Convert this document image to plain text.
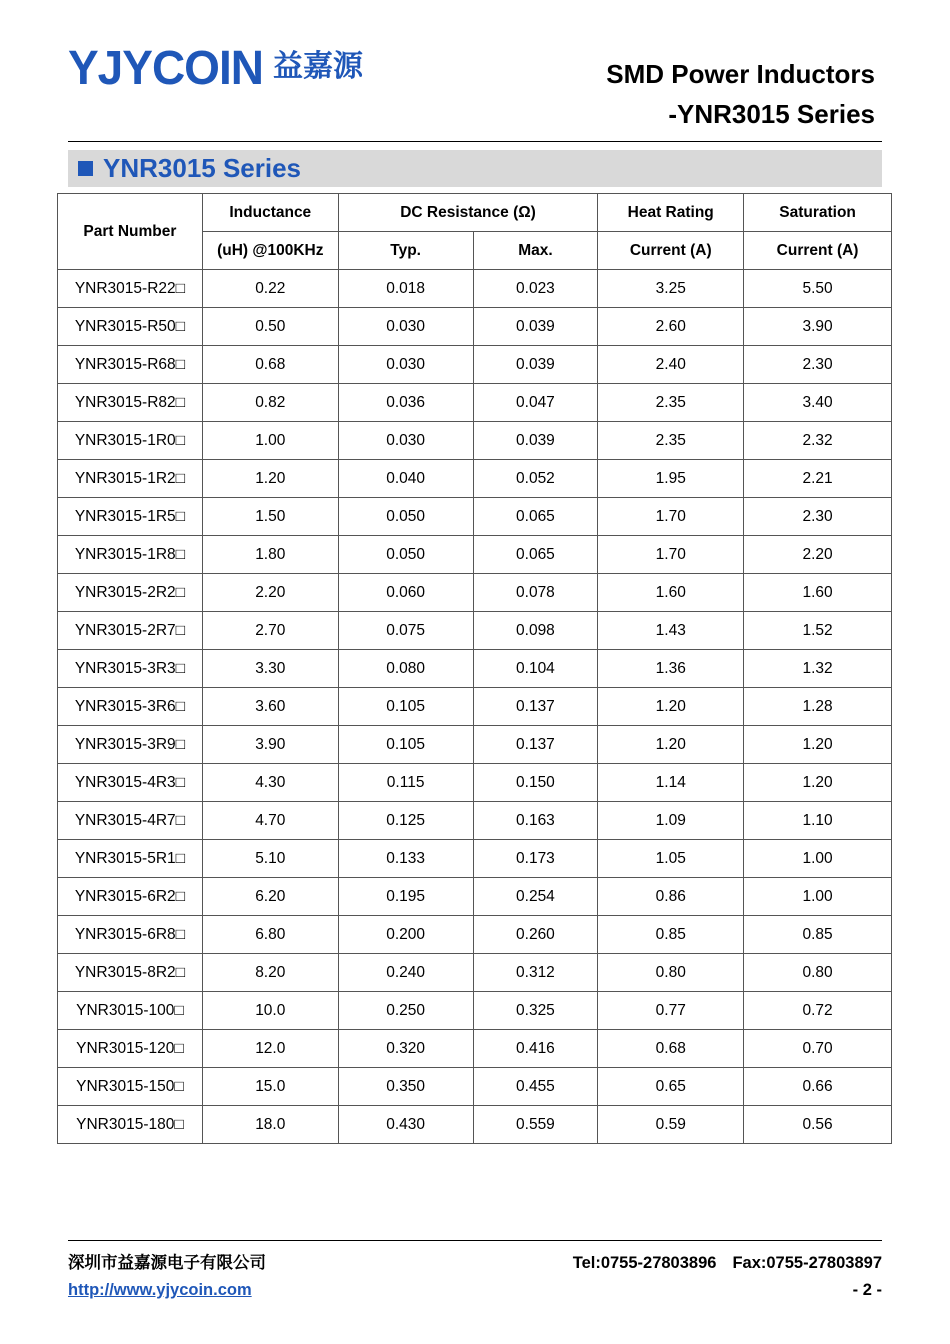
YJYCOIN 益嘉源	SMD Power Inductors
-YNR3015 Series
YNR3015 Series
Part Number	Inductance	DC Resistance (Ω)		Heat Rating	Saturation
	(uH) @100KHz	Typ.	Max.	Current (A)	Current (A)
YNR3015-R22□	0.22	0.018	0.023	3.25	5.50
YNR3015-R50□	0.50	0.030	0.039	2.60	3.90
YNR3015-R68□	0.68	0.030	0.039	2.40	2.30
YNR3015-R82□	0.82	0.036	0.047	2.35	3.40
YNR3015-1R0□	1.00	0.030	0.039	2.35	2.32
YNR3015-1R2□	1.20	0.040	0.052	1.95	2.21
YNR3015-1R5□	1.50	0.050	0.065	1.70	2.30
YNR3015-1R8□	1.80	0.050	0.065	1.70	2.20
YNR3015-2R2□	2.20	0.060	0.078	1.60	1.60
YNR3015-2R7□	2.70	0.075	0.098	1.43	1.52
YNR3015-3R3□	3.30	0.080	0.104	1.36	1.32
YNR3015-3R6□	3.60	0.105	0.137	1.20	1.28
YNR3015-3R9□	3.90	0.105	0.137	1.20	1.20
YNR3015-4R3□	4.30	0.115	0.150	1.14	1.20
YNR3015-4R7□	4.70	0.125	0.163	1.09	1.10
YNR3015-5R1□	5.10	0.133	0.173	1.05	1.00
YNR3015-6R2□	6.20	0.195	0.254	0.86	1.00
YNR3015-6R8□	6.80	0.200	0.260	0.85	0.85
YNR3015-8R2□	8.20	0.240	0.312	0.80	0.80
YNR3015-100□	10.0	0.250	0.325	0.77	0.72
YNR3015-120□	12.0	0.320	0.416	0.68	0.70
YNR3015-150□	15.0	0.350	0.455	0.65	0.66
YNR3015-180□	18.0	0.430	0.559	0.59	0.56
深圳市益嘉源电子有限公司
http://www.yjycoin.com
Tel:0755-27803896 Fax:0755-27803897
- 2 -
